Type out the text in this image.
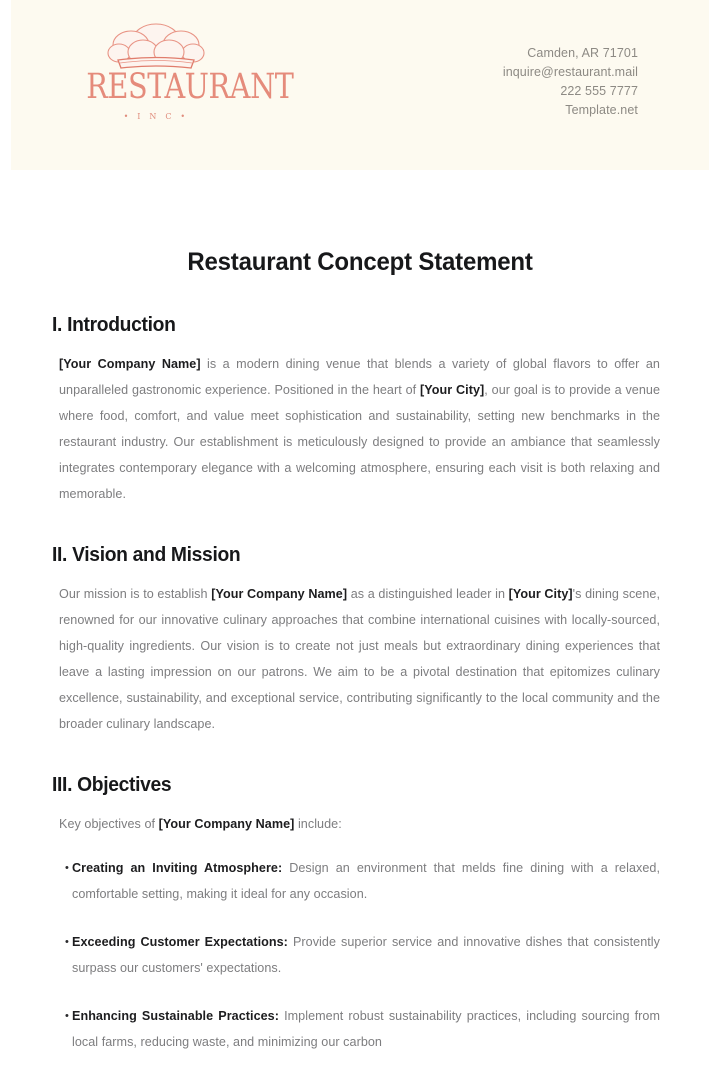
RESTAURANT
• I N C •
Camden, AR 71701
inquire@restaurant.mail
222 555 7777
Template.net
Restaurant Concept Statement
I. Introduction

[Your Company Name] is a modern dining venue that blends a variety of global flavors to offer an unparalleled gastronomic experience. Positioned in the heart of [Your City], our goal is to provide a venue where food, comfort, and value meet sophistication and sustainability, setting new benchmarks in the restaurant industry. Our establishment is meticulously designed to provide an ambiance that seamlessly integrates contemporary elegance with a welcoming atmosphere, ensuring each visit is both relaxing and memorable.

II. Vision and Mission

Our mission is to establish [Your Company Name] as a distinguished leader in [Your City]'s dining scene, renowned for our innovative culinary approaches that combine international cuisines with locally-sourced, high-quality ingredients. Our vision is to create not just meals but extraordinary dining experiences that leave a lasting impression on our patrons. We aim to be a pivotal destination that epitomizes culinary excellence, sustainability, and exceptional service, contributing significantly to the local community and the broader culinary landscape.

III. Objectives

Key objectives of [Your Company Name] include:

• Creating an Inviting Atmosphere: Design an environment that melds fine dining with a relaxed, comfortable setting, making it ideal for any occasion.
• Exceeding Customer Expectations: Provide superior service and innovative dishes that consistently surpass our customers' expectations.
• Enhancing Sustainable Practices: Implement robust sustainability practices, including sourcing from local farms, reducing waste, and minimizing our carbon
